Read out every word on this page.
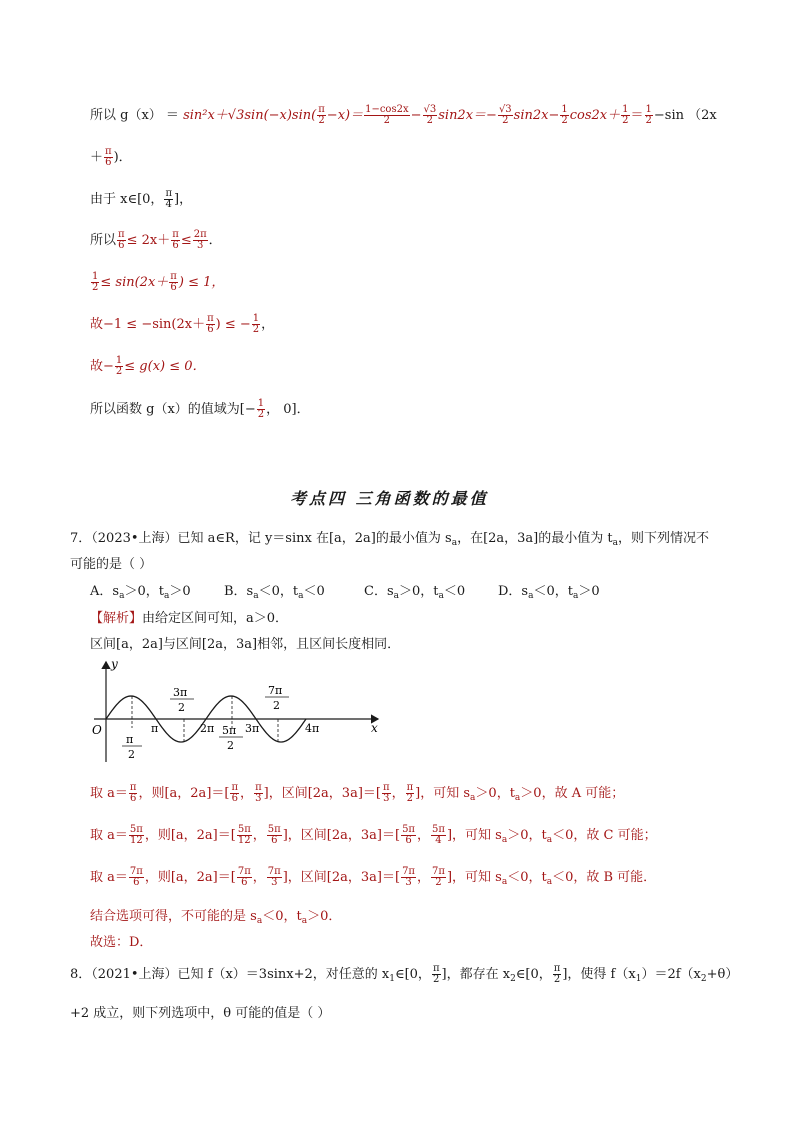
所以 $g(x) = \sin^2x+√3\sin(-x)\sin( \frac{\pi}{2} -x)= \frac{1-\cos 2x}{2} - \frac{√3}{2} \sin 2x=- \frac{√3}{2} \sin 2x- \frac{1}{2} \cos 2x+ \frac{1}{2} = \frac{1}{2} -\sin$ （2x
＋ $\frac{\pi}{6}$ )．
由于 x∈[0， $\frac{\pi}{4}$ ]，
所以 $\frac{\pi}{6} \le 2x+ \frac{\pi}{6} \le \frac{2\pi}{3}$ ．
$\frac{1}{2} \le \sin(2x+ \frac{\pi}{6}$ ) ≤ 1，
故$-1 \le -\sin(2x+ \frac{\pi}{6}$ ) ≤ − $\frac{1}{2}$ ，
故− $\frac{1}{2} \le g(x) \le 0$．
所以函数 g（x）的值域为[− $\frac{1}{2}$ ， 0]．
考点四 三角函数的最值
7．（2023•上海）已知 a∈R，记 y＝sinx 在[a，2a]的最小值为 $s_a$，在[2a，3a]的最小值为 $t_a$，则下列情况不
可能的是（ ）
A．$s_a>0$，$t_a>0$	B．$s_a<0$，$t_a<0$	C．$s_a>0$，$t_a<0$	D．$s_a<0$，$t_a>0$
【解析】由给定区间可知，a＞0．
区间[a，2a]与区间[2a，3a]相邻，且区间长度相同．
y
x
O	π	2π	3π	4π
π
2
3π
2
5π
2
7π
2
取 $a= \frac{\pi}{6}$ ，则[a，$2a]=[ \frac{\pi}{6}$ ， $\frac{\pi}{3}$ ]，区间[2a，$3a]=[ \frac{\pi}{3}$ ， $\frac{\pi}{2}$ ]，可知 $s_a>0$，$t_a>0$，故 A 可能；
取 $a= \frac{5\pi}{12}$ ，则[a，$2a]=[ \frac{5\pi}{12}$ ， $\frac{5\pi}{6}$ ]，区间[2a，$3a]=[ \frac{5\pi}{6}$ ， $\frac{5\pi}{4}$ ]，可知 $s_a>0$，$t_a<0$，故 C 可能；
取 $a= \frac{7\pi}{6}$ ，则[a，$2a]=[ \frac{7\pi}{6}$ ， $\frac{7\pi}{3}$ ]，区间[2a，$3a]=[ \frac{7\pi}{3}$ ， $\frac{7\pi}{2}$ ]，可知 $s_a<0$，$t_a<0$，故 B 可能．
结合选项可得，不可能的是 $s_a<0$，$t_a>0$．
故选：D．
8．（2021•上海）已知 f（x）＝3sinx+2，对任意的 $x_1\in[0$， $\frac{\pi}{2}$ ]，都存在 $x_2\in[0$， $\frac{\pi}{2}$ ]，使得 $f(x_1)=2f(x_2+\theta)$
+2 成立，则下列选项中，θ 可能的值是（ ）
